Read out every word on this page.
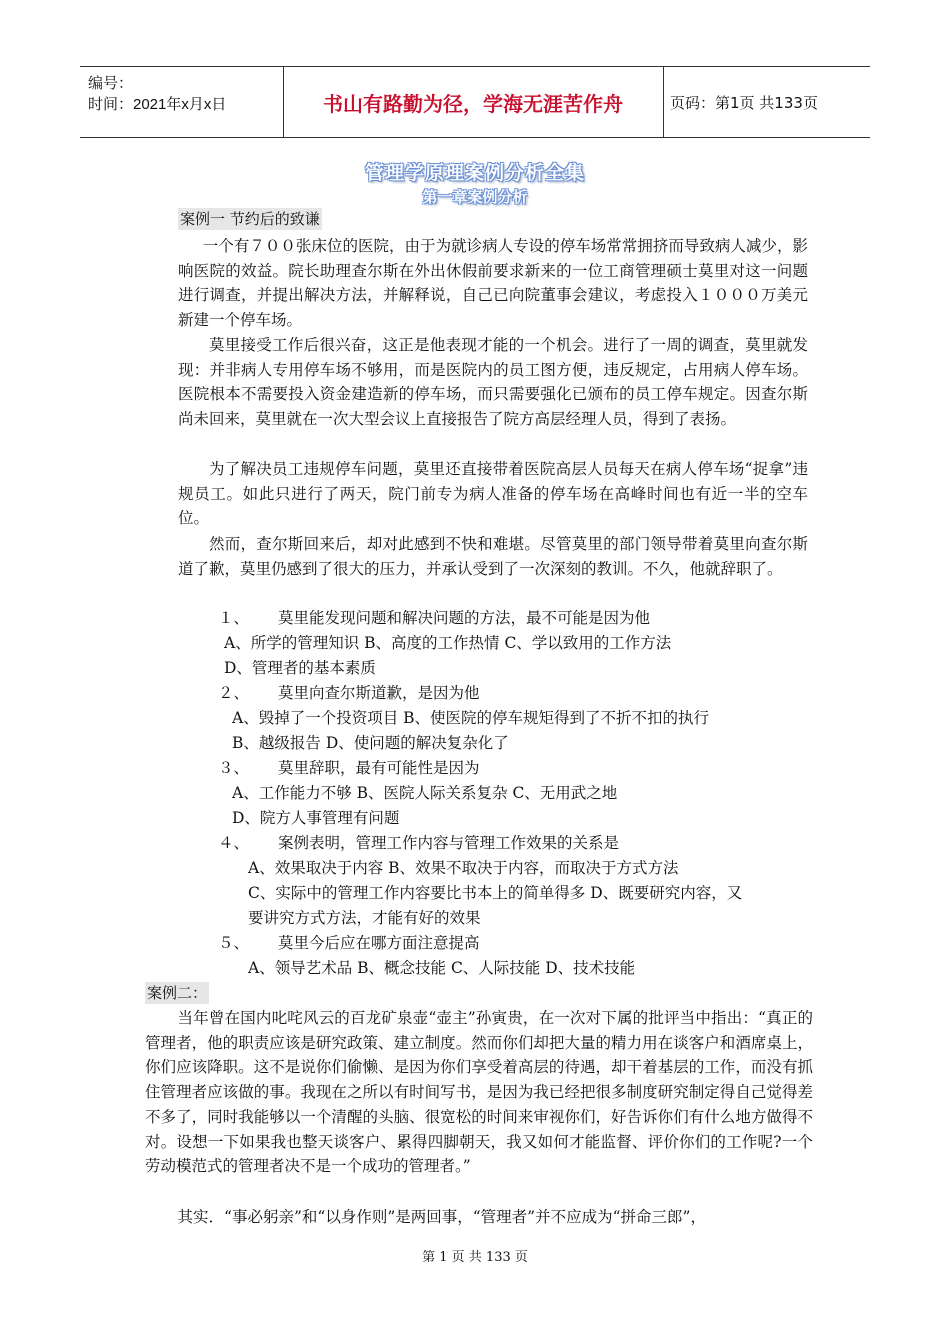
编号：
时间：2021年x月x日	书山有路勤为径，学海无涯苦作舟	页码：第1页 共133页
管理学原理案例分析全集
第一章案例分析
案例一 节约后的致谦

一个有７００张床位的医院，由于为就诊病人专设的停车场常常拥挤而导致病人减少，影响医院的效益。院长助理查尔斯在外出休假前要求新来的一位工商管理硕士莫里对这一问题进行调查，并提出解决方法，并解释说，自己已向院董事会建议，考虑投入１０００万美元新建一个停车场。

莫里接受工作后很兴奋，这正是他表现才能的一个机会。进行了一周的调查，莫里就发现：并非病人专用停车场不够用，而是医院内的员工图方便，违反规定，占用病人停车场。医院根本不需要投入资金建造新的停车场，而只需要强化已颁布的员工停车规定。因查尔斯尚未回来，莫里就在一次大型会议上直接报告了院方高层经理人员，得到了表扬。

为了解决员工违规停车问题，莫里还直接带着医院高层人员每天在病人停车场“捉拿”违规员工。如此只进行了两天，院门前专为病人准备的停车场在高峰时间也有近一半的空车位。

然而，查尔斯回来后，却对此感到不快和难堪。尽管莫里的部门领导带着莫里向查尔斯道了歉，莫里仍感到了很大的压力，并承认受到了一次深刻的教训。不久，他就辞职了。

１、 莫里能发现问题和解决问题的方法，最不可能是因为他
A、所学的管理知识 B、高度的工作热情 C、学以致用的工作方法
D、管理者的基本素质
２、 莫里向查尔斯道歉，是因为他
A、毁掉了一个投资项目 B、使医院的停车规矩得到了不折不扣的执行
B、越级报告 D、使问题的解决复杂化了
３、 莫里辞职，最有可能性是因为
A、工作能力不够 B、医院人际关系复杂 C、无用武之地
D、院方人事管理有问题
４、 案例表明，管理工作内容与管理工作效果的关系是
A、效果取决于内容 B、效果不取决于内容，而取决于方式方法
C、实际中的管理工作内容要比书本上的简单得多 D、既要研究内容，又
要讲究方式方法，才能有好的效果
５、 莫里今后应在哪方面注意提高
A、领导艺术品 B、概念技能 C、人际技能 D、技术技能
案例二：

当年曾在国内叱咤风云的百龙矿泉壶“壶主”孙寅贵，在一次对下属的批评当中指出：“真正的管理者，他的职责应该是研究政策、建立制度。然而你们却把大量的精力用在谈客户和酒席桌上，你们应该降职。这不是说你们偷懒、是因为你们享受着高层的待遇，却干着基层的工作，而没有抓住管理者应该做的事。我现在之所以有时间写书，是因为我已经把很多制度研究制定得自己觉得差不多了，同时我能够以一个清醒的头脑、很宽松的时间来审视你们，好告诉你们有什么地方做得不对。设想一下如果我也整天谈客户、累得四脚朝天，我又如何才能监督、评价你们的工作呢?一个劳动模范式的管理者决不是一个成功的管理者。”

其实．“事必躬亲”和“以身作则”是两回事，“管理者”并不应成为“拼命三郎”，

第 1 页 共 133 页
